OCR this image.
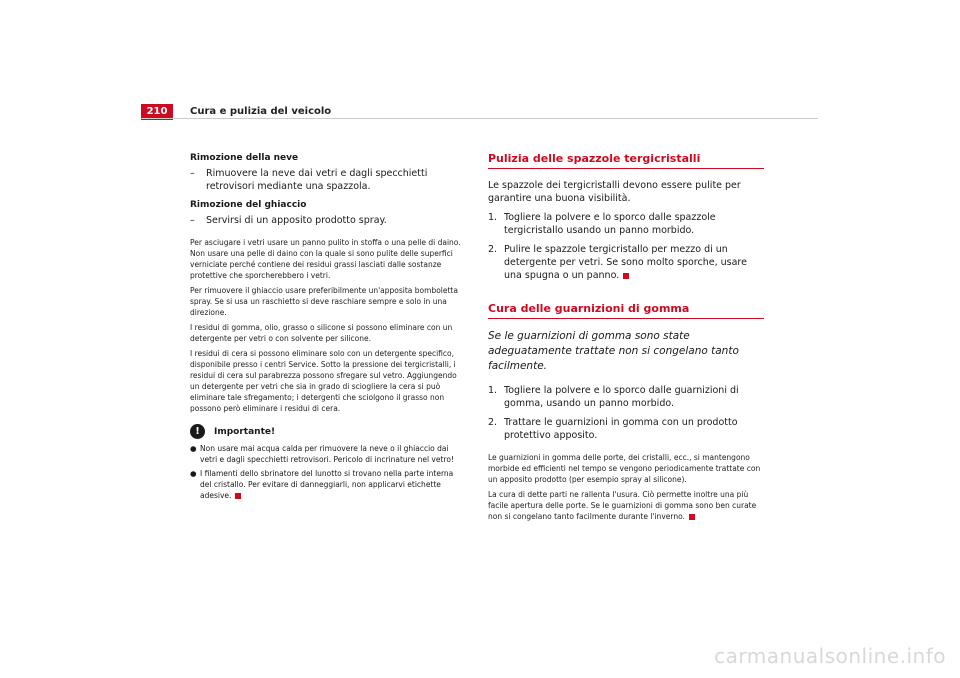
210	Cura e pulizia del veicolo
Rimozione della neve
– Rimuovere la neve dai vetri e dagli specchietti retrovisori mediante una spazzola.
Rimozione del ghiaccio
– Servirsi di un apposito prodotto spray.

Per asciugare i vetri usare un panno pulito in stoffa o una pelle di daino. Non usare una pelle di daino con la quale si sono pulite delle superfici verniciate perché contiene dei residui grassi lasciati dalle sostanze protettive che sporcherebbero i vetri.

Per rimuovere il ghiaccio usare preferibilmente un'apposita bomboletta spray. Se si usa un raschietto si deve raschiare sempre e solo in una direzione.

I residui di gomma, olio, grasso o silicone si possono eliminare con un detergente per vetri o con solvente per silicone.

I residui di cera si possono eliminare solo con un detergente specifico, disponibile presso i centri Service. Sotto la pressione dei tergicristalli, i residui di cera sul parabrezza possono sfregare sul vetro. Aggiungendo un detergente per vetri che sia in grado di sciogliere la cera si può eliminare tale sfregamento; i detergenti che sciolgono il grasso non possono però eliminare i residui di cera.

!	Importante!
● Non usare mai acqua calda per rimuovere la neve o il ghiaccio dai vetri e dagli specchietti retrovisori. Pericolo di incrinature nel vetro!
● I filamenti dello sbrinatore del lunotto si trovano nella parte interna del cristallo. Per evitare di danneggiarli, non applicarvi etichette adesive.
Pulizia delle spazzole tergicristalli

Le spazzole dei tergicristalli devono essere pulite per garantire una buona visibilità.

1. Togliere la polvere e lo sporco dalle spazzole tergicristallo usando un panno morbido.
2. Pulire le spazzole tergicristallo per mezzo di un detergente per vetri. Se sono molto sporche, usare una spugna o un panno.
Cura delle guarnizioni di gomma

Se le guarnizioni di gomma sono state adeguatamente trattate non si congelano tanto facilmente.

1. Togliere la polvere e lo sporco dalle guarnizioni di gomma, usando un panno morbido.
2. Trattare le guarnizioni in gomma con un prodotto protettivo apposito.

Le guarnizioni in gomma delle porte, dei cristalli, ecc., si mantengono morbide ed efficienti nel tempo se vengono periodicamente trattate con un apposito prodotto (per esempio spray al silicone).

La cura di dette parti ne rallenta l'usura. Ciò permette inoltre una più facile apertura delle porte. Se le guarnizioni di gomma sono ben curate non si congelano tanto facilmente durante l'inverno.

carmanualsonline.info
